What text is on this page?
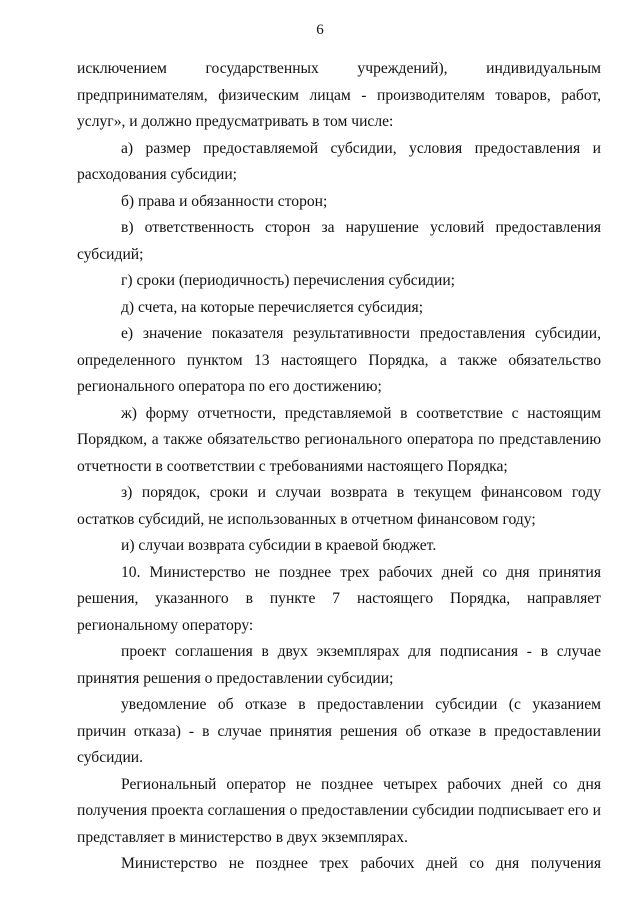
6

исключением государственных учреждений), индивидуальным предпринимателям, физическим лицам - производителям товаров, работ, услуг», и должно предусматривать в том числе:

а) размер предоставляемой субсидии, условия предоставления и расходования субсидии;

б) права и обязанности сторон;

в) ответственность сторон за нарушение условий предоставления субсидий;

г) сроки (периодичность) перечисления субсидии;

д) счета, на которые перечисляется субсидия;

е) значение показателя результативности предоставления субсидии, определенного пунктом 13 настоящего Порядка, а также обязательство регионального оператора по его достижению;

ж) форму отчетности, представляемой в соответствие с настоящим Порядком, а также обязательство регионального оператора по представлению отчетности в соответствии с требованиями настоящего Порядка;

з) порядок, сроки и случаи возврата в текущем финансовом году остатков субсидий, не использованных в отчетном финансовом году;

и) случаи возврата субсидии в краевой бюджет.

10. Министерство не позднее трех рабочих дней со дня принятия решения, указанного в пункте 7 настоящего Порядка, направляет региональному оператору:

проект соглашения в двух экземплярах для подписания - в случае принятия решения о предоставлении субсидии;

уведомление об отказе в предоставлении субсидии (с указанием причин отказа) - в случае принятия решения об отказе в предоставлении субсидии.

Региональный оператор не позднее четырех рабочих дней со дня получения проекта соглашения о предоставлении субсидии подписывает его и представляет в министерство в двух экземплярах.

Министерство не позднее трех рабочих дней со дня получения
